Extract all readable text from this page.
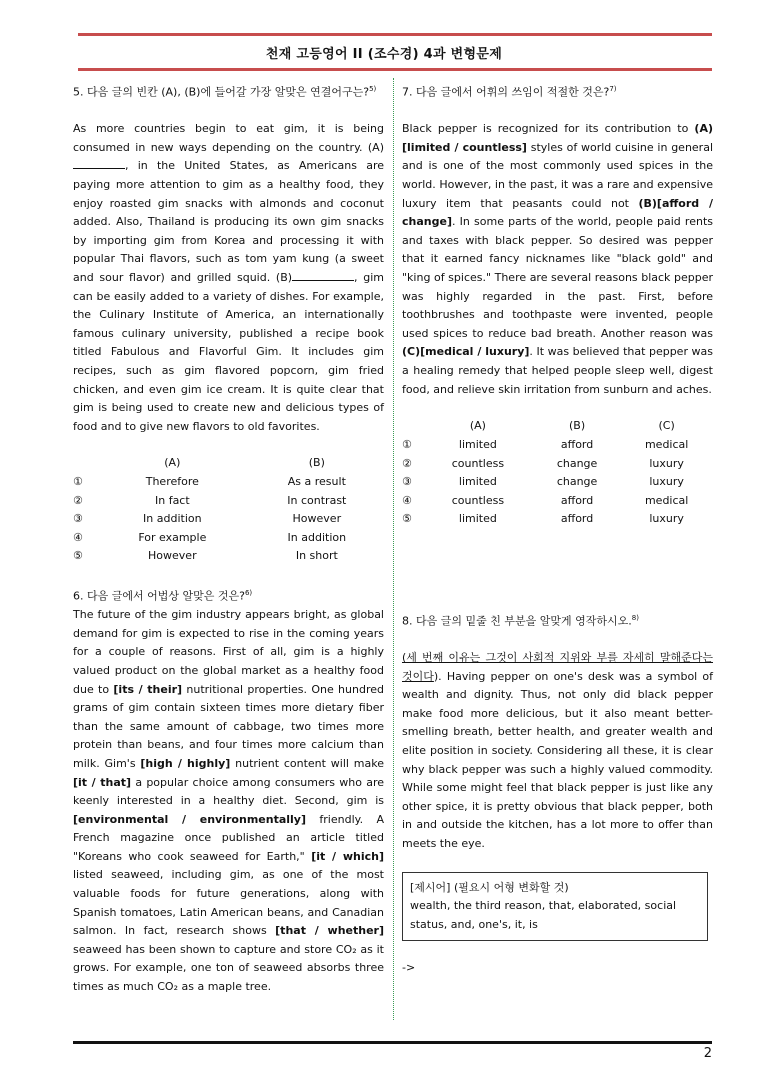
천재 고등영어 II (조수경) 4과 변형문제

5. 다음 글의 빈칸 (A), (B)에 들어갈 가장 알맞은 연결어구는?$^{5)}$

As more countries begin to eat gim, it is being consumed in new ways depending on the country. (A) , in the United States, as Americans are paying more attention to gim as a healthy food, they enjoy roasted gim snacks with almonds and coconut added. Also, Thailand is producing its own gim snacks by importing gim from Korea and processing it with popular Thai flavors, such as tom yam kung (a sweet and sour flavor) and grilled squid. (B)	, gim can be easily added to a variety of dishes. For example, the Culinary Institute of America, an internationally famous culinary university, published a recipe book titled Fabulous and Flavorful Gim. It includes gim recipes, such as gim flavored popcorn, gim fried chicken, and even gim ice cream. It is quite clear that gim is being used to create new and delicious types of food and to give new flavors to old favorites.

	(A)	(B)
①	Therefore	As a result
②	In fact	In contrast
③	In addition	However
④	For example	In addition
⑤	However	In short

6. 다음 글에서 어법상 알맞은 것은?$^{6)}$

The future of the gim industry appears bright, as global demand for gim is expected to rise in the coming years for a couple of reasons. First of all, gim is a highly valued product on the global market as a healthy food due to [its / their] nutritional properties. One hundred grams of gim contain sixteen times more dietary fiber than the same amount of cabbage, two times more protein than beans, and four times more calcium than milk. Gim's [high / highly] nutrient content will make [it / that] a popular choice among consumers who are keenly interested in a healthy diet. Second, gim is [environmental / environmentally] friendly. A French magazine once published an article titled "Koreans who cook seaweed for Earth," [it / which] listed seaweed, including gim, as one of the most valuable foods for future generations, along with Spanish tomatoes, Latin American beans, and Canadian salmon. In fact, research shows [that / whether] seaweed has been shown to capture and store CO₂ as it grows. For example, one ton of seaweed absorbs three times as much CO₂ as a maple tree.

7. 다음 글에서 어휘의 쓰임이 적절한 것은?$^{7)}$

Black pepper is recognized for its contribution to (A)[limited / countless] styles of world cuisine in general and is one of the most commonly used spices in the world. However, in the past, it was a rare and expensive luxury item that peasants could not (B)[afford / change]. In some parts of the world, people paid rents and taxes with black pepper. So desired was pepper that it earned fancy nicknames like "black gold" and "king of spices." There are several reasons black pepper was highly regarded in the past. First, before toothbrushes and toothpaste were invented, people used spices to reduce bad breath. Another reason was (C)[medical / luxury]. It was believed that pepper was a healing remedy that helped people sleep well, digest food, and relieve skin irritation from sunburn and aches.

	(A)	(B)	(C)
①	limited	afford	medical
②	countless	change	luxury
③	limited	change	luxury
④	countless	afford	medical
⑤	limited	afford	luxury

8. 다음 글의 밑줄 친 부분을 알맞게 영작하시오.$^{8)}$

(세 번째 이유는 그것이 사회적 지위와 부를 자세히 말해준다는 것이다). Having pepper on one's desk was a symbol of wealth and dignity. Thus, not only did black pepper make food more delicious, but it also meant better-smelling breath, better health, and greater wealth and elite position in society. Considering all these, it is clear why black pepper was such a highly valued commodity. While some might feel that black pepper is just like any other spice, it is pretty obvious that black pepper, both in and outside the kitchen, has a lot more to offer than meets the eye.

[제시어] (필요시 어형 변화할 것)

wealth, the third reason, that, elaborated, social status, and, one's, it, is

->

2
